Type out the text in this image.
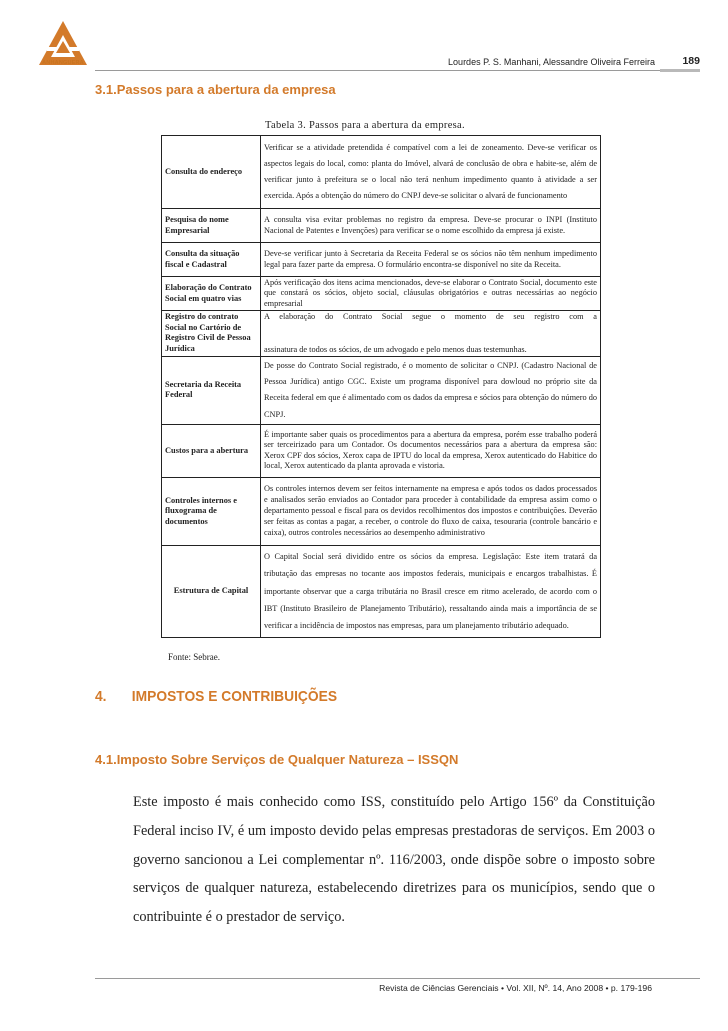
ANHANGUERA	Lourdes P. S. Manhani, Alessandre Oliveira Ferreira	189
3.1.Passos para a abertura da empresa
Tabela 3. Passos para a abertura da empresa.
Consulta do endereço	Verificar se a atividade pretendida é compatível com a lei de zoneamento. Deve-se verificar os aspectos legais do local, como: planta do Imóvel, alvará de conclusão de obra e habite-se, além de verificar junto à prefeitura se o local não terá nenhum impedimento quanto à atividade a ser exercida. Após a obtenção do número do CNPJ deve-se solicitar o alvará de funcionamento
Pesquisa do nome Empresarial	A consulta visa evitar problemas no registro da empresa. Deve-se procurar o INPI (Instituto Nacional de Patentes e Invenções) para verificar se o nome escolhido da empresa já existe.
Consulta da situação fiscal e Cadastral	Deve-se verificar junto à Secretaria da Receita Federal se os sócios não têm nenhum impedimento legal para fazer parte da empresa. O formulário encontra-se disponível no site da Receita.
Elaboração do Contrato Social em quatro vias	Após verificação dos itens acima mencionados, deve-se elaborar o Contrato Social, documento este que constará os sócios, objeto social, cláusulas obrigatórios e outras necessárias ao negócio empresarial
Registro do contrato Social no Cartório de Registro Civil de Pessoa Jurídica	A elaboração do Contrato Social segue o momento de seu registro com a
assinatura de todos os sócios, de um advogado e pelo menos duas testemunhas.

Secretaria da Receita Federal	De posse do Contrato Social registrado, é o momento de solicitar o CNPJ. (Cadastro Nacional de Pessoa Jurídica) antigo CGC. Existe um programa disponível para dowloud no próprio site da Receita federal em que é alimentado com os dados da empresa e sócios para obtenção do número do CNPJ.
Custos para a abertura	É importante saber quais os procedimentos para a abertura da empresa, porém esse trabalho poderá ser terceirizado para um Contador. Os documentos necessários para a abertura da empresa são: Xerox CPF dos sócios, Xerox capa de IPTU do local da empresa, Xerox autenticado do Habitice do local, Xerox autenticado da planta aprovada e vistoria.
Controles internos e fluxograma de documentos	Os controles internos devem ser feitos internamente na empresa e após todos os dados processados e analisados serão enviados ao Contador para proceder à contabilidade da empresa assim como o departamento pessoal e fiscal para os devidos recolhimentos dos impostos e contribuições. Deverão ser feitas as contas a pagar, a receber, o controle do fluxo de caixa, tesouraria (controle bancário e caixa), outros controles necessários ao desempenho administrativo
Estrutura de Capital	O Capital Social será dividido entre os sócios da empresa. Legislação: Este item tratará da tributação das empresas no tocante aos impostos federais, municipais e encargos trabalhistas. É importante observar que a carga tributária no Brasil cresce em ritmo acelerado, de acordo com o IBT (Instituto Brasileiro de Planejamento Tributário), ressaltando ainda mais a importância de se verificar a incidência de impostos nas empresas, para um planejamento tributário adequado.
Fonte: Sebrae.
4. IMPOSTOS E CONTRIBUIÇÕES
4.1.Imposto Sobre Serviços de Qualquer Natureza – ISSQN
Este imposto é mais conhecido como ISS, constituído pelo Artigo 156º da Constituição Federal inciso IV, é um imposto devido pelas empresas prestadoras de serviços. Em 2003 o governo sancionou a Lei complementar nº. 116/2003, onde dispõe sobre o imposto sobre serviços de qualquer natureza, estabelecendo diretrizes para os municípios, sendo que o contribuinte é o prestador de serviço.
Revista de Ciências Gerenciais • Vol. XII, Nº. 14, Ano 2008 • p. 179-196
